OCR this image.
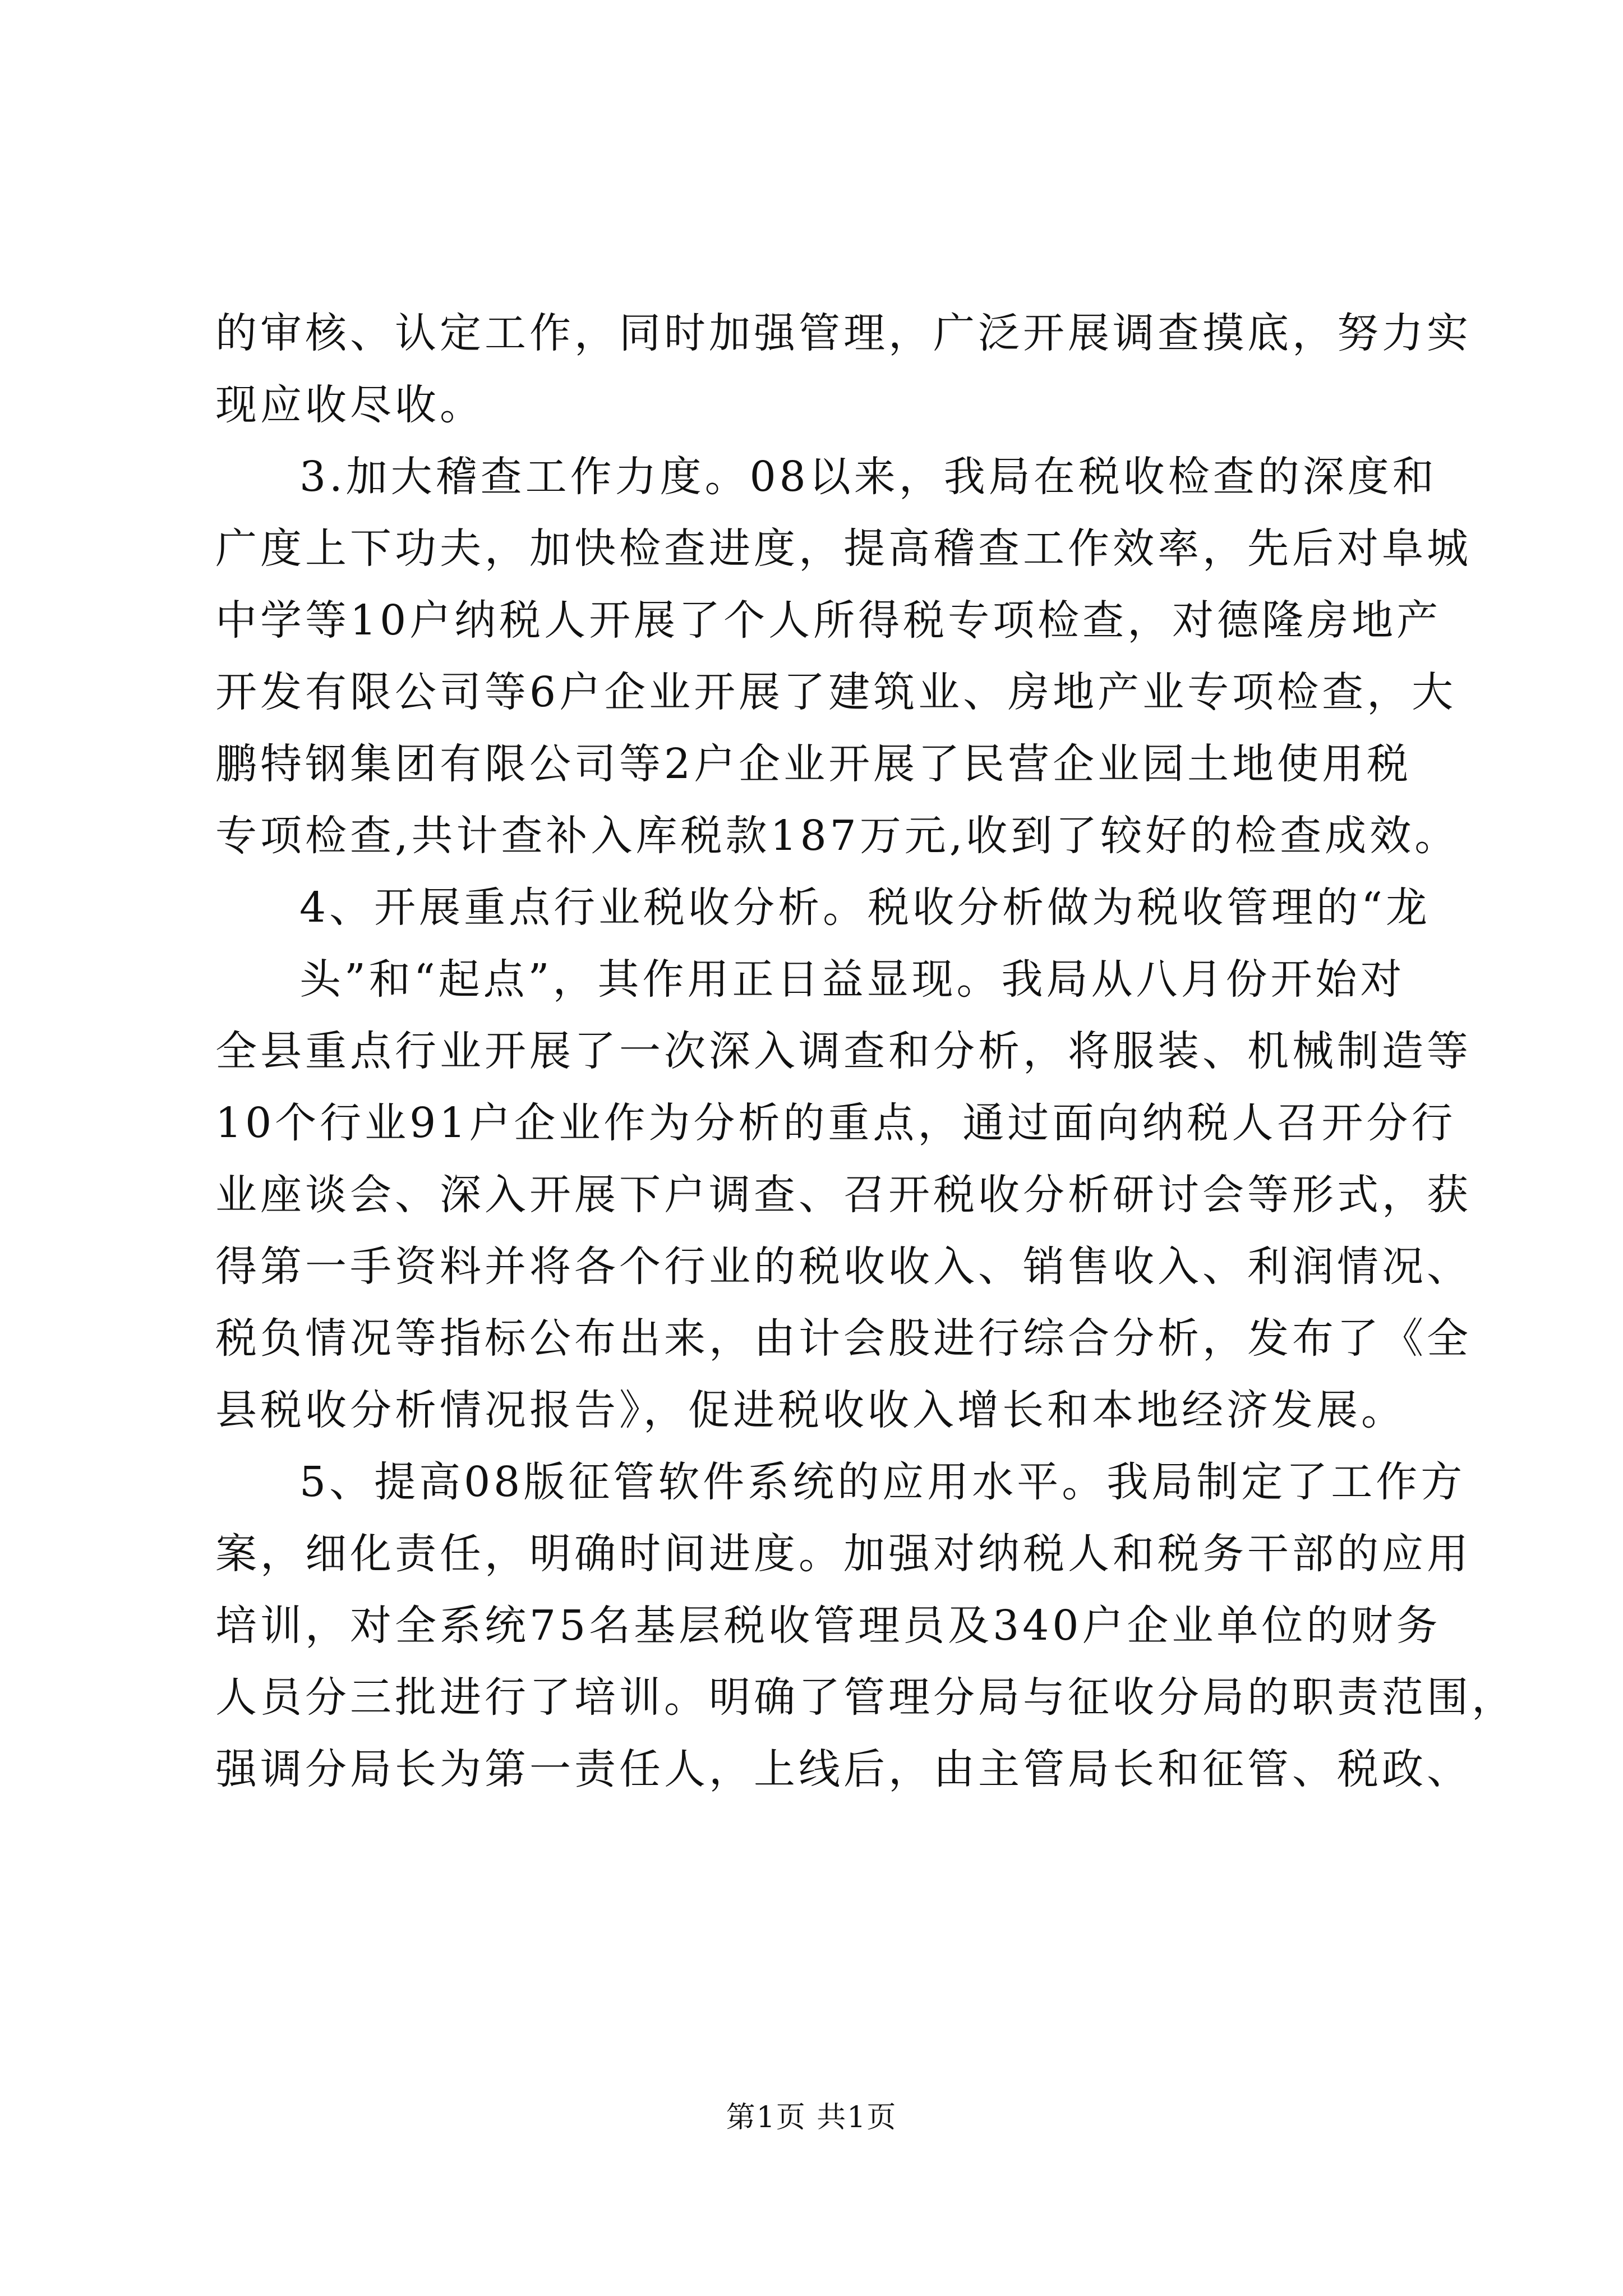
的审核、认定工作，同时加强管理，广泛开展调查摸底，努力实
现应收尽收。
3.加大稽查工作力度。08以来，我局在税收检查的深度和
广度上下功夫，加快检查进度，提高稽查工作效率，先后对阜城
中学等10户纳税人开展了个人所得税专项检查，对德隆房地产
开发有限公司等6户企业开展了建筑业、房地产业专项检查，大
鹏特钢集团有限公司等2户企业开展了民营企业园土地使用税
专项检查,共计查补入库税款187万元,收到了较好的检查成效。
4、开展重点行业税收分析。税收分析做为税收管理的“龙
头”和“起点”，其作用正日益显现。我局从八月份开始对
全县重点行业开展了一次深入调查和分析，将服装、机械制造等
10个行业91户企业作为分析的重点，通过面向纳税人召开分行
业座谈会、深入开展下户调查、召开税收分析研讨会等形式，获
得第一手资料并将各个行业的税收收入、销售收入、利润情况、
税负情况等指标公布出来，由计会股进行综合分析，发布了《全
县税收分析情况报告》，促进税收收入增长和本地经济发展。
5、提高08版征管软件系统的应用水平。我局制定了工作方
案，细化责任，明确时间进度。加强对纳税人和税务干部的应用
培训，对全系统75名基层税收管理员及340户企业单位的财务
人员分三批进行了培训。明确了管理分局与征收分局的职责范围，
强调分局长为第一责任人，上线后，由主管局长和征管、税政、
第1页 共1页
